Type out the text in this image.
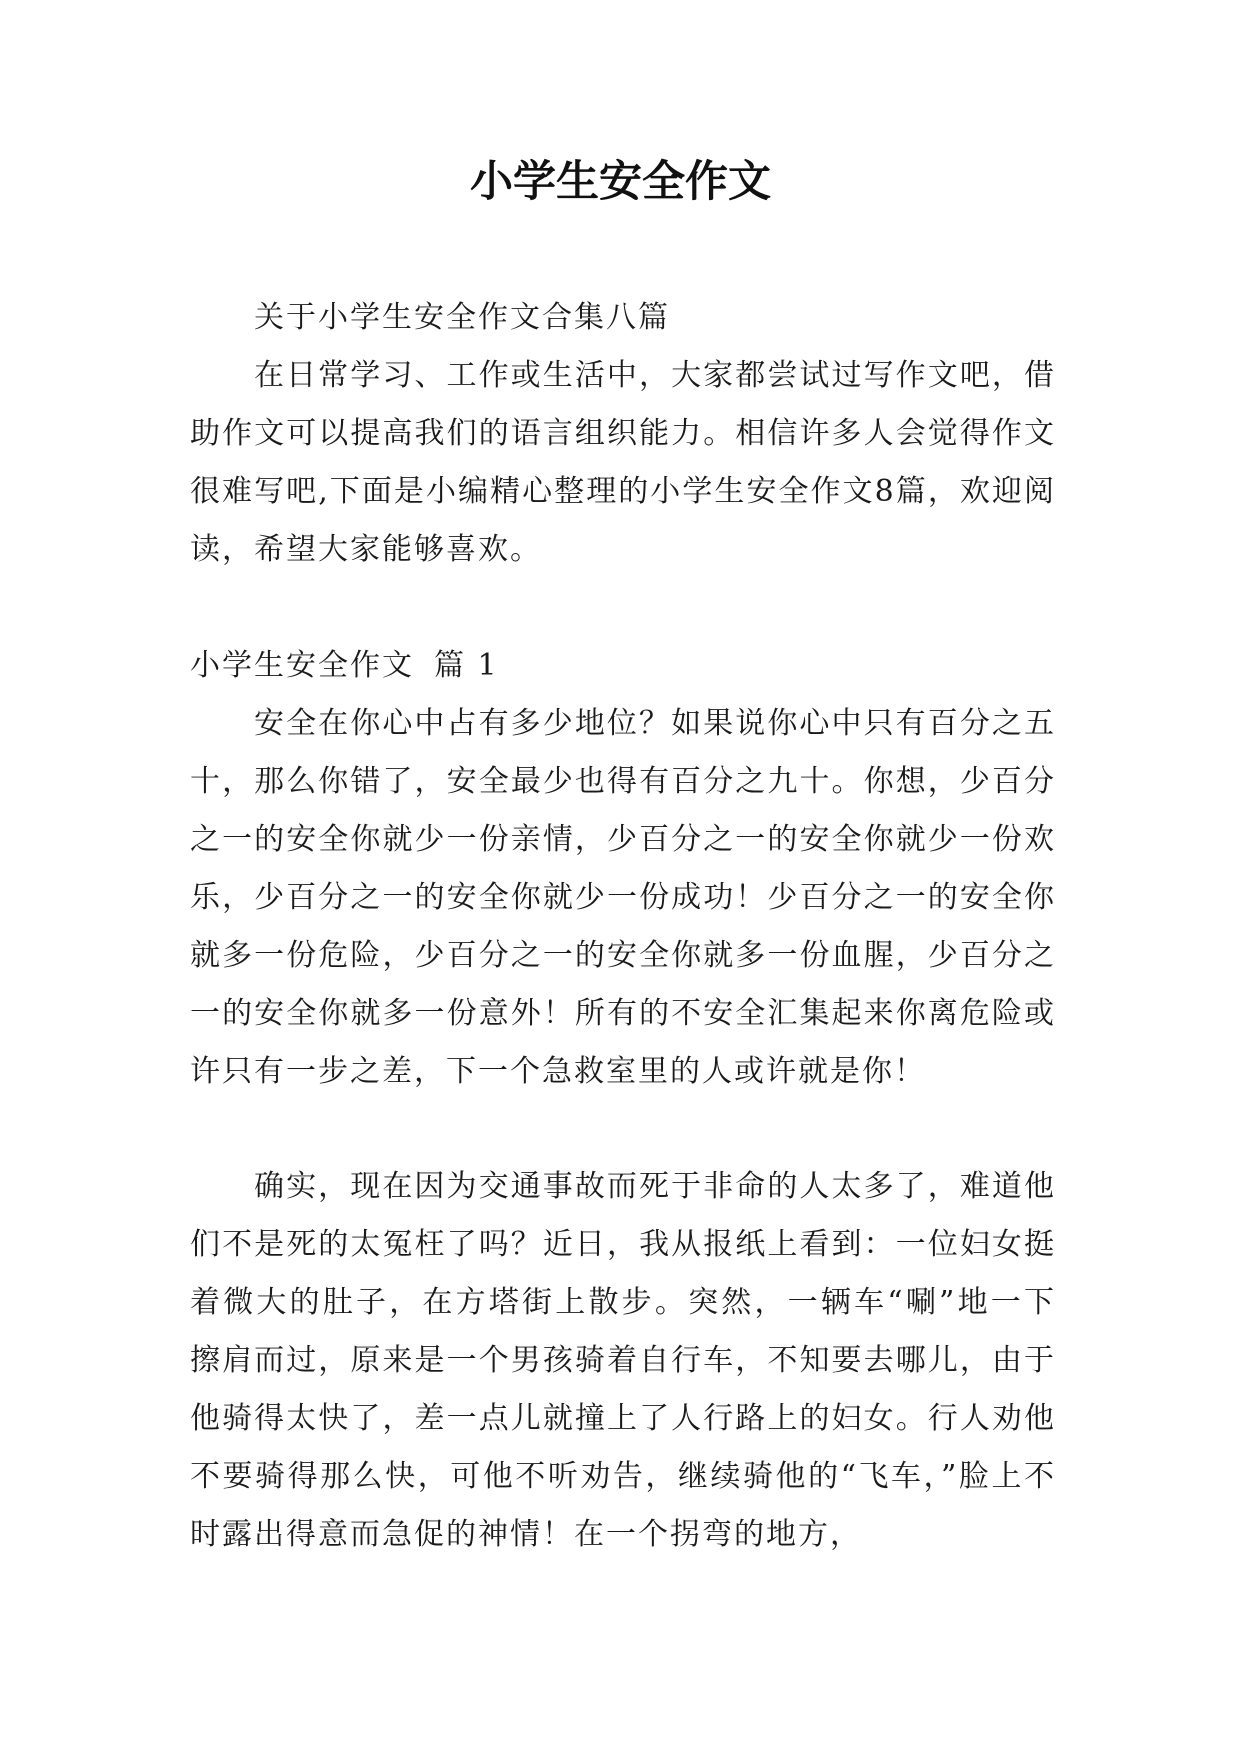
小学生安全作文

关于小学生安全作文合集八篇

在日常学习、工作或生活中，大家都尝试过写作文吧，借助作文可以提高我们的语言组织能力。相信许多人会觉得作文很难写吧,下面是小编精心整理的小学生安全作文8篇，欢迎阅读，希望大家能够喜欢。

小学生安全作文 篇 1

安全在你心中占有多少地位？如果说你心中只有百分之五十，那么你错了，安全最少也得有百分之九十。你想，少百分之一的安全你就少一份亲情，少百分之一的安全你就少一份欢乐，少百分之一的安全你就少一份成功！少百分之一的安全你就多一份危险，少百分之一的安全你就多一份血腥，少百分之一的安全你就多一份意外！所有的不安全汇集起来你离危险或许只有一步之差，下一个急救室里的人或许就是你！

确实，现在因为交通事故而死于非命的人太多了，难道他们不是死的太冤枉了吗？近日，我从报纸上看到：一位妇女挺着微大的肚子，在方塔街上散步。突然，一辆车“唰”地一下擦肩而过，原来是一个男孩骑着自行车，不知要去哪儿，由于他骑得太快了，差一点儿就撞上了人行路上的妇女。行人劝他不要骑得那么快，可他不听劝告，继续骑他的“飞车，”脸上不时露出得意而急促的神情！在一个拐弯的地方，
